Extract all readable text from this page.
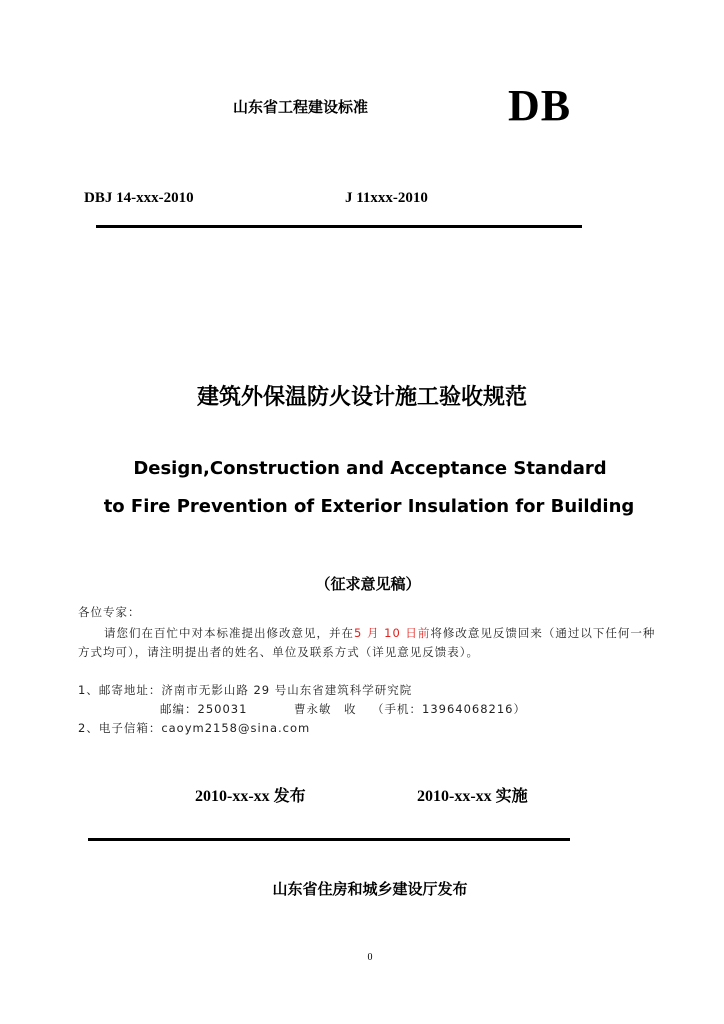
山东省工程建设标准	DB
DBJ 14-xxx-2010	J 11xxx-2010
建筑外保温防火设计施工验收规范
Design,Construction and Acceptance Standard
to Fire Prevention of Exterior Insulation for Building
（征求意见稿）
各位专家：
请您们在百忙中对本标准提出修改意见，并在5 月 10 日前将修改意见反馈回来（通过以下任何一种
方式均可），请注明提出者的姓名、单位及联系方式（详见意见反馈表）。
1、邮寄地址：济南市无影山路 29 号山东省建筑科学研究院
邮编：250031	曹永敏　收 （手机：13964068216）
2、电子信箱：caoym2158@sina.com
2010-xx-xx 发布	2010-xx-xx 实施
山东省住房和城乡建设厅发布
0
